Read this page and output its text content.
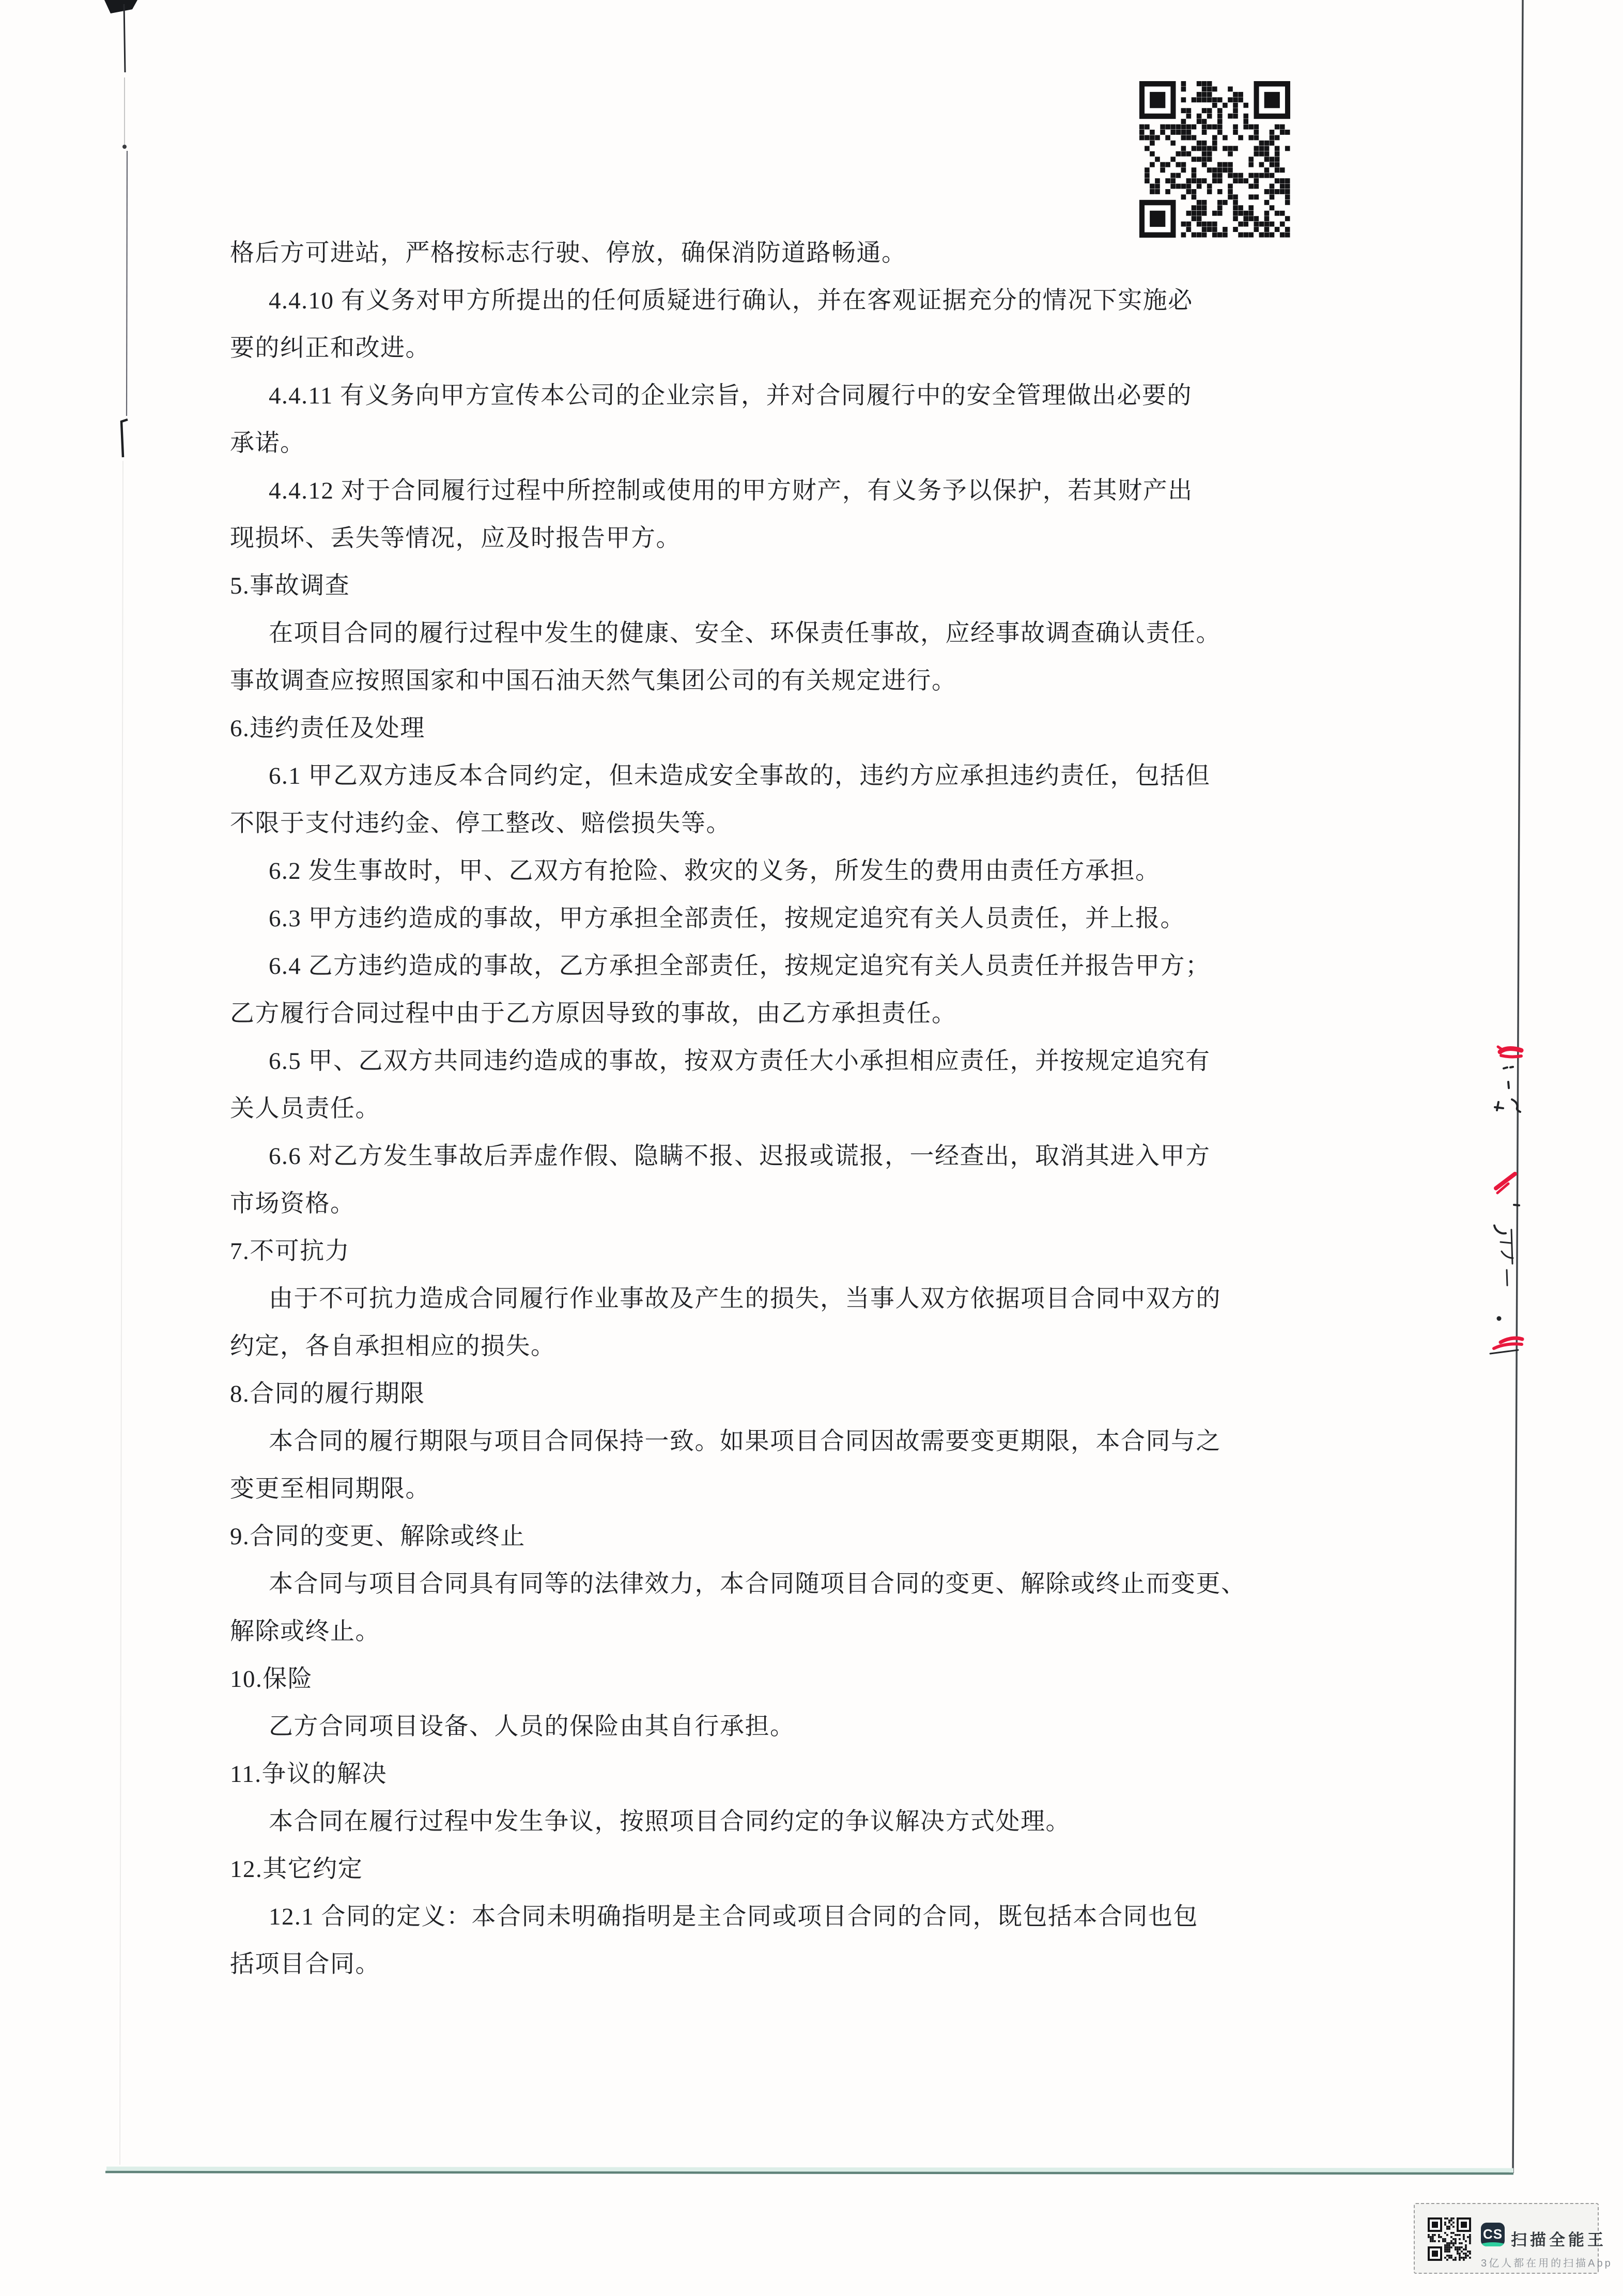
格后方可进站，严格按标志行驶、停放，确保消防道路畅通。
4.4.10 有义务对甲方所提出的任何质疑进行确认，并在客观证据充分的情况下实施必
要的纠正和改进。
4.4.11 有义务向甲方宣传本公司的企业宗旨，并对合同履行中的安全管理做出必要的
承诺。
4.4.12 对于合同履行过程中所控制或使用的甲方财产，有义务予以保护，若其财产出
现损坏、丢失等情况，应及时报告甲方。
5.事故调查
在项目合同的履行过程中发生的健康、安全、环保责任事故，应经事故调查确认责任。
事故调查应按照国家和中国石油天然气集团公司的有关规定进行。
6.违约责任及处理
6.1 甲乙双方违反本合同约定，但未造成安全事故的，违约方应承担违约责任，包括但
不限于支付违约金、停工整改、赔偿损失等。
6.2 发生事故时，甲、乙双方有抢险、救灾的义务，所发生的费用由责任方承担。
6.3 甲方违约造成的事故，甲方承担全部责任，按规定追究有关人员责任，并上报。
6.4 乙方违约造成的事故，乙方承担全部责任，按规定追究有关人员责任并报告甲方；
乙方履行合同过程中由于乙方原因导致的事故，由乙方承担责任。
6.5 甲、乙双方共同违约造成的事故，按双方责任大小承担相应责任，并按规定追究有
关人员责任。
6.6 对乙方发生事故后弄虚作假、隐瞒不报、迟报或谎报，一经查出，取消其进入甲方
市场资格。
7.不可抗力
由于不可抗力造成合同履行作业事故及产生的损失，当事人双方依据项目合同中双方的
约定，各自承担相应的损失。
8.合同的履行期限
本合同的履行期限与项目合同保持一致。如果项目合同因故需要变更期限，本合同与之
变更至相同期限。
9.合同的变更、解除或终止
本合同与项目合同具有同等的法律效力，本合同随项目合同的变更、解除或终止而变更、
解除或终止。
10.保险
乙方合同项目设备、人员的保险由其自行承担。
11.争议的解决
本合同在履行过程中发生争议，按照项目合同约定的争议解决方式处理。
12.其它约定
12.1 合同的定义：本合同未明确指明是主合同或项目合同的合同，既包括本合同也包
括项目合同。
CS 扫描全能王
3亿人都在用的扫描App
